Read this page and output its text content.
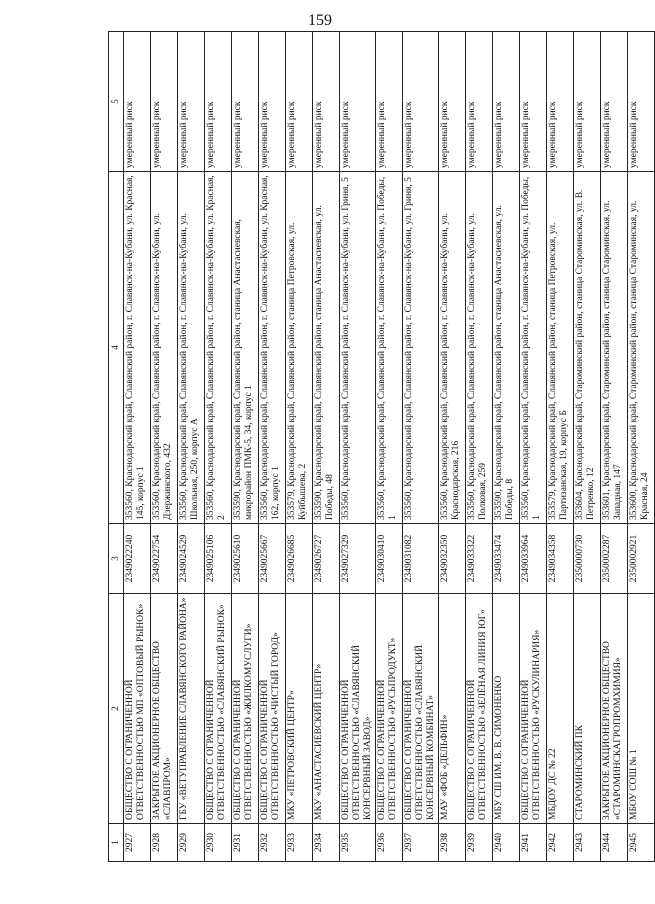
159
1	2	3	4	5
2927	ОБЩЕСТВО С ОГРАНИЧЕННОЙ ОТВЕТСТВЕННОСТЬЮ МП «ОПТОВЫЙ РЫНОК»	2349022240	353560, Краснодарский край, Славянский район, г. Славянск-на-Кубани, ул. Красная, 145, корпус 1	умеренный риск
2928	ЗАКРЫТОЕ АКЦИОНЕРНОЕ ОБЩЕСТВО «СЛАВПРОМ»	2349022754	353560, Краснодарский край, Славянский район, г. Славянск-на-Кубани, ул. Дзержинского, 432	умеренный риск
2929	ГБУ «ВЕТУПРАВЛЕНИЕ СЛАВЯНСКОГО РАЙОНА»	2349024529	353560, Краснодарский край, Славянский район, г. Славянск-на-Кубани, ул. Школьная, 250, корпус А	умеренный риск
2930	ОБЩЕСТВО С ОГРАНИЧЕННОЙ ОТВЕТСТВЕННОСТЬЮ «СЛАВЯНСКИЙ РЫНОК»	2349025106	353560, Краснодарский край, Славянский район, г. Славянск-на-Кубани, ул. Красная, 2	умеренный риск
2931	ОБЩЕСТВО С ОГРАНИЧЕННОЙ ОТВЕТСТВЕННОСТЬЮ «ЖИЛКОМУСЛУГИ»	2349025610	353590, Краснодарский край, Славянский район, станица Анастасиевская, микрорайон ПМК-5, 34, корпус 1	умеренный риск
2932	ОБЩЕСТВО С ОГРАНИЧЕННОЙ ОТВЕТСТВЕННОСТЬЮ «ЧИСТЫЙ ГОРОД»	2349025667	353560, Краснодарский край, Славянский район, г. Славянск-на-Кубани, ул. Красная, 162, корпус 1	умеренный риск
2933	МКУ «ПЕТРОВСКИЙ ЦЕНТР»	2349026685	353579, Краснодарский край, Славянский район, станица Петровская, ул. Куйбышева, 2	умеренный риск
2934	МКУ «АНАСТАСИЕВСКИЙ ЦЕНТР»	2349026727	353590, Краснодарский край, Славянский район, станица Анастасиевская, ул. Победы, 48	умеренный риск
2935	ОБЩЕСТВО С ОГРАНИЧЕННОЙ ОТВЕТСТВЕННОСТЬЮ «СЛАВЯНСКИЙ КОНСЕРВНЫЙ ЗАВОД»	2349027329	353560, Краснодарский край, Славянский район, г. Славянск-на-Кубани, ул. Гриня, 5	умеренный риск
2936	ОБЩЕСТВО С ОГРАНИЧЕННОЙ ОТВЕТСТВЕННОСТЬЮ «РУСЬПРОДУКТ»	2349030410	353560, Краснодарский край, Славянский район, г. Славянск-на-Кубани, ул. Победы, 1	умеренный риск
2937	ОБЩЕСТВО С ОГРАНИЧЕННОЙ ОТВЕТСТВЕННОСТЬЮ «СЛАВЯНСКИЙ КОНСЕРВНЫЙ КОМБИНАТ»	2349031082	353560, Краснодарский край, Славянский район, г. Славянск-на-Кубани, ул. Гриня, 5	умеренный риск
2938	МАУ «ФОБ «ДЕЛЬФИН»	2349032350	353560, Краснодарский край, Славянский район, г. Славянск-на-Кубани, ул. Краснодарская, 216	умеренный риск
2939	ОБЩЕСТВО С ОГРАНИЧЕННОЙ ОТВЕТСТВЕННОСТЬЮ «ЗЕЛЁНАЯ ЛИНИЯ ЮГ»	2349033322	353560, Краснодарский край, Славянский район, г. Славянск-на-Кубани, ул. Полковая, 259	умеренный риск
2940	МБУ СШ ИМ. В. В. СИМОНЕНКО	2349033474	353590, Краснодарский край, Славянский район, станица Анастасиевская, ул. Победы, 8	умеренный риск
2941	ОБЩЕСТВО С ОГРАНИЧЕННОЙ ОТВЕТСТВЕННОСТЬЮ «РУСКУЛИНАРИЯ»	2349033964	353560, Краснодарский край, Славянский район, г. Славянск-на-Кубани, ул. Победы, 1	умеренный риск
2942	МБДОУ ДС № 22	2349034358	353579, Краснодарский край, Славянский район, станица Петровская, ул. Партизанская, 19, корпус Б	умеренный риск
2943	СТАРОМИНСКИЙ ПК	2350000730	353604, Краснодарский край, Староминский район, станица Староминская, ул. В. Петренко, 12	умеренный риск
2944	ЗАКРЫТОЕ АКЦИОНЕРНОЕ ОБЩЕСТВО «СТАРОМИНСКАГРОПРОМХИМИЯ»	2350002287	353601, Краснодарский край, Староминский район, станица Староминская, ул. Западная, 147	умеренный риск
2945	МБОУ СОШ № 1	2350002921	353600, Краснодарский край, Староминский район, станица Староминская, ул. Красная, 24	умеренный риск
